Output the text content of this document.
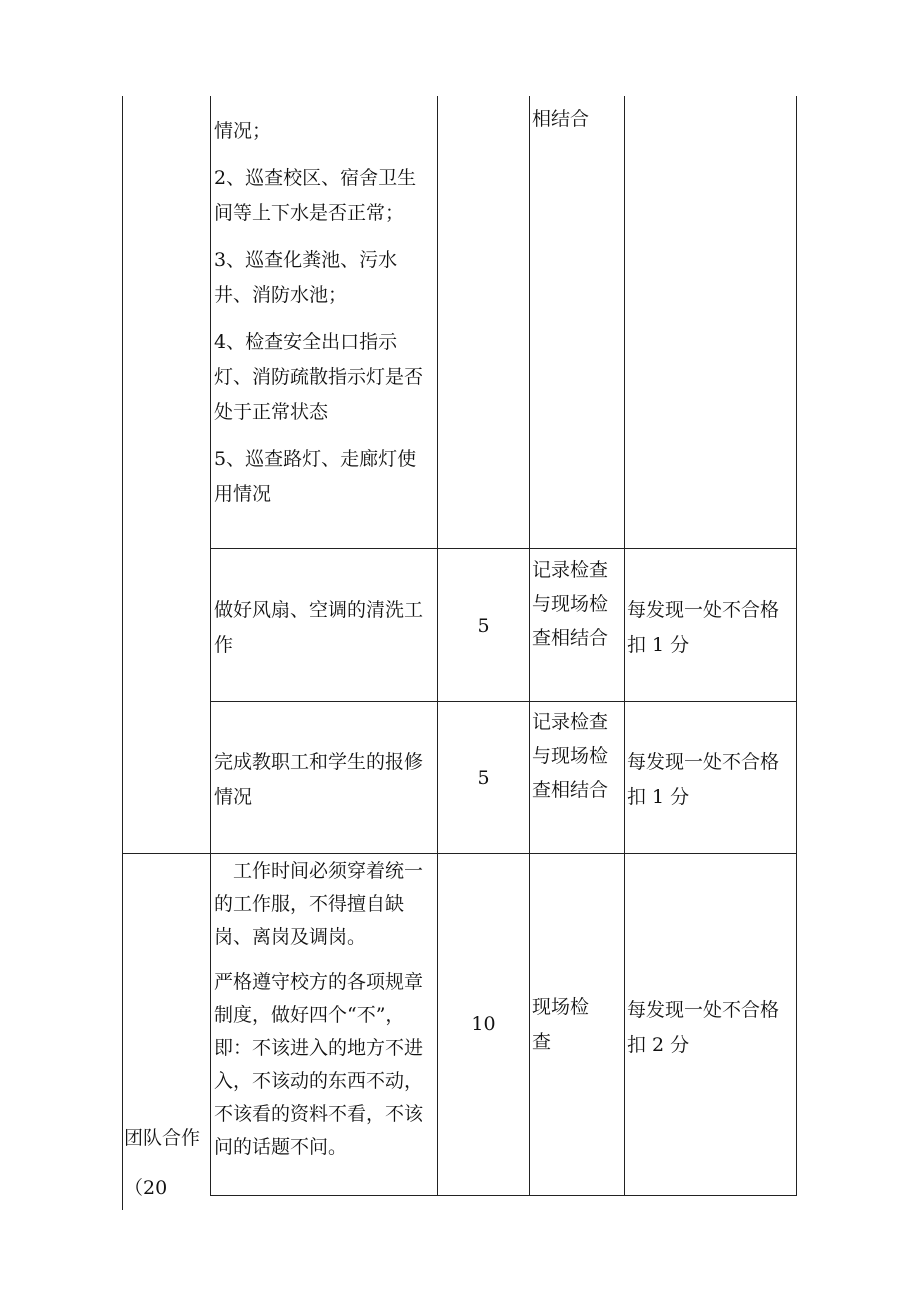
情况；

2、巡查校区、宿舍卫生间等上下水是否正常；

3、巡查化粪池、污水井、消防水池；

4、检查安全出口指示灯、消防疏散指示灯是否处于正常状态

5、巡查路灯、走廊灯使用情况

相结合

做好风扇、空调的清洗工作

5

记录检查与现场检查相结合

每发现一处不合格扣 1 分

完成教职工和学生的报修情况

5

记录检查与现场检查相结合

每发现一处不合格扣 1 分

团队合作（20

工作时间必须穿着统一的工作服，不得擅自缺岗、离岗及调岗。

严格遵守校方的各项规章制度，做好四个“不”，即：不该进入的地方不进入，不该动的东西不动，不该看的资料不看，不该问的话题不问。

10

现场检查

每发现一处不合格扣 2 分
